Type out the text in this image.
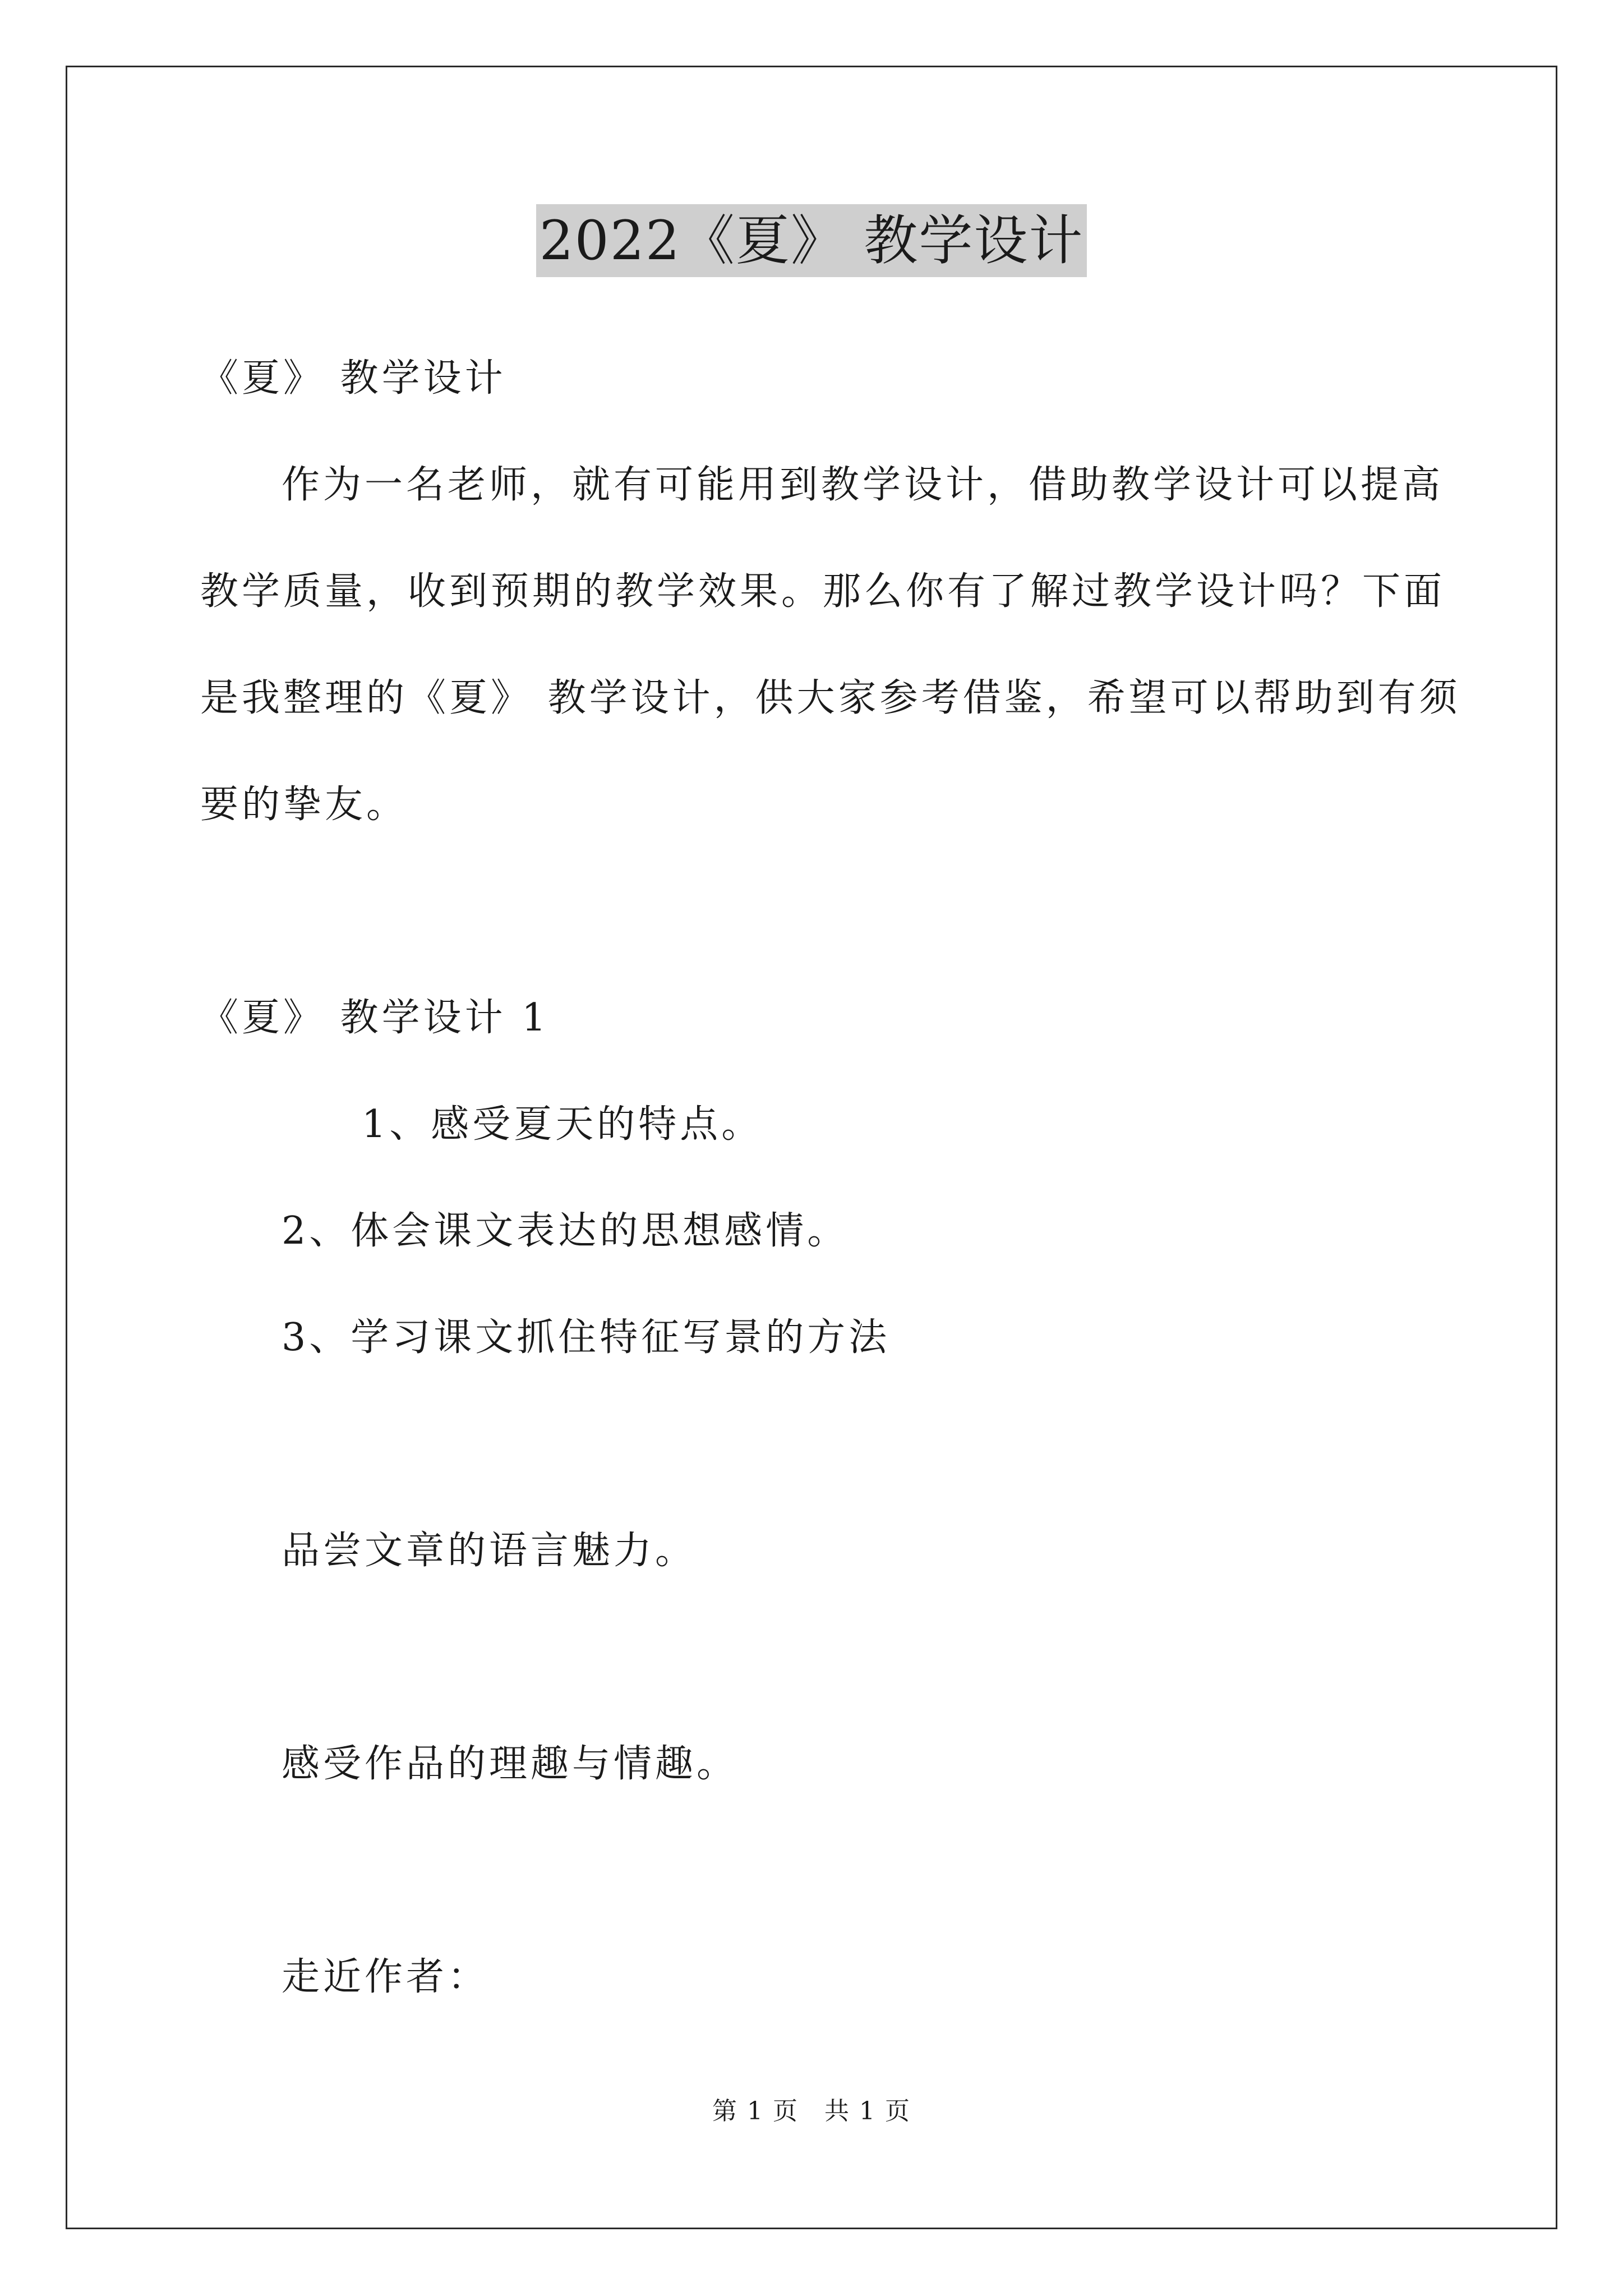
2022《夏》 教学设计
《夏》 教学设计
作为一名老师，就有可能用到教学设计，借助教学设计可以提高
教学质量，收到预期的教学效果。那么你有了解过教学设计吗？下面
是我整理的《夏》 教学设计，供大家参考借鉴，希望可以帮助到有须
要的挚友。
《夏》 教学设计 1
1、感受夏天的特点。
2、体会课文表达的思想感情。
3、学习课文抓住特征写景的方法
品尝文章的语言魅力。
感受作品的理趣与情趣。
走近作者：
第 1 页　共 1 页
